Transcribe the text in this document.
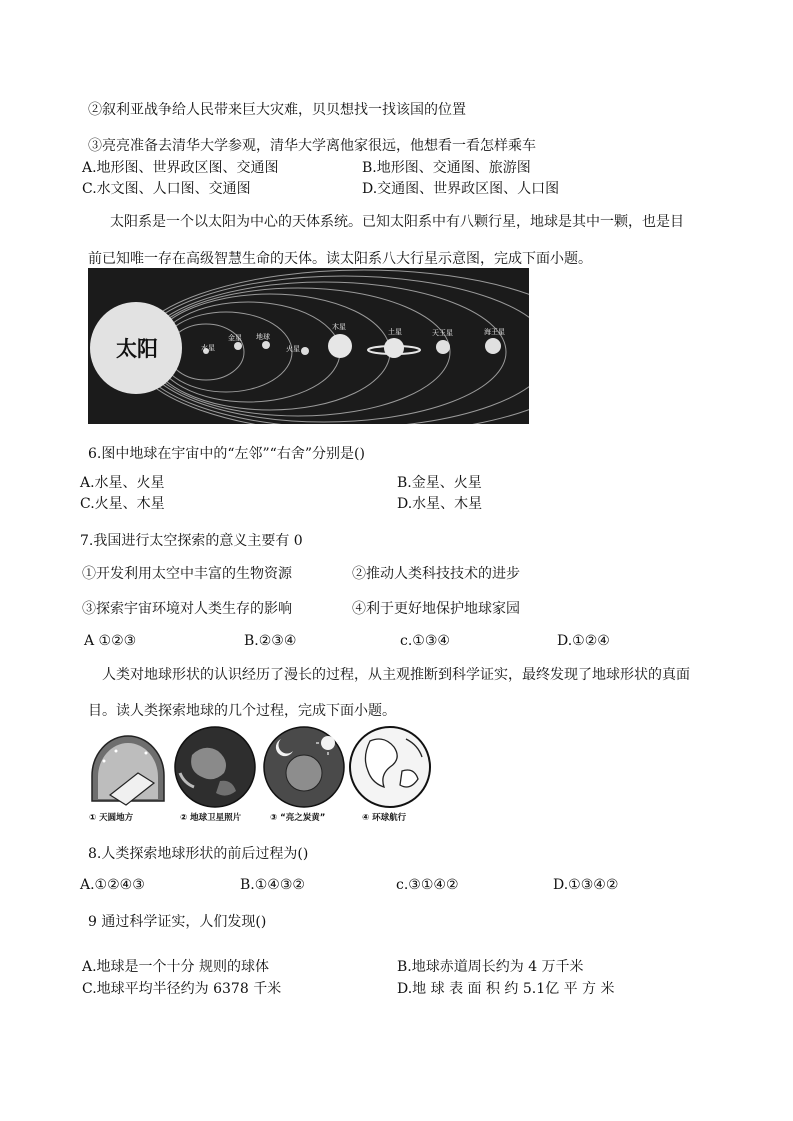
②叙利亚战争给人民带来巨大灾难，贝贝想找一找该国的位置
③亮亮准备去清华大学参观，清华大学离他家很远，他想看一看怎样乘车
A.地形图、世界政区图、交通图	B.地形图、交通图、旅游图
C.水文图、人口图、交通图	D.交通图、世界政区图、人口图
太阳系是一个以太阳为中心的天体系统。已知太阳系中有八颗行星，地球是其中一颗，也是目
前已知唯一存在高级智慧生命的天体。读太阳系八大行星示意图，完成下面小题。
太阳	水星
金星 地球
火星
木星
土星	天王星	海王星
6.图中地球在宇宙中的“左邻”“右舍”分别是()
A.水星、火星	B.金星、火星
C.火星、木星	D.水星、木星
7.我国进行太空探索的意义主要有 0
①开发利用太空中丰富的生物资源	②推动人类科技技术的进步
③探索宇宙环境对人类生存的影响	④利于更好地保护地球家园
A ①②③	B.②③④	c.①③④	D.①②④
人类对地球形状的认识经历了漫长的过程，从主观推断到科学证实，最终发现了地球形状的真面
目。读人类探索地球的几个过程，完成下面小题。
① 天圆地方	② 地球卫星照片	③ “亮之炭黄”	④ 环球航行
8.人类探索地球形状的前后过程为()
A.①②④③	B.①④③②	c.③①④②	D.①③④②
9 通过科学证实，人们发现()
A.地球是一个十分 规则的球体	B.地球赤道周长约为 4 万千米
C.地球平均半径约为 6378 千米	D.地 球 表 面 积 约 5.1亿 平 方 米
